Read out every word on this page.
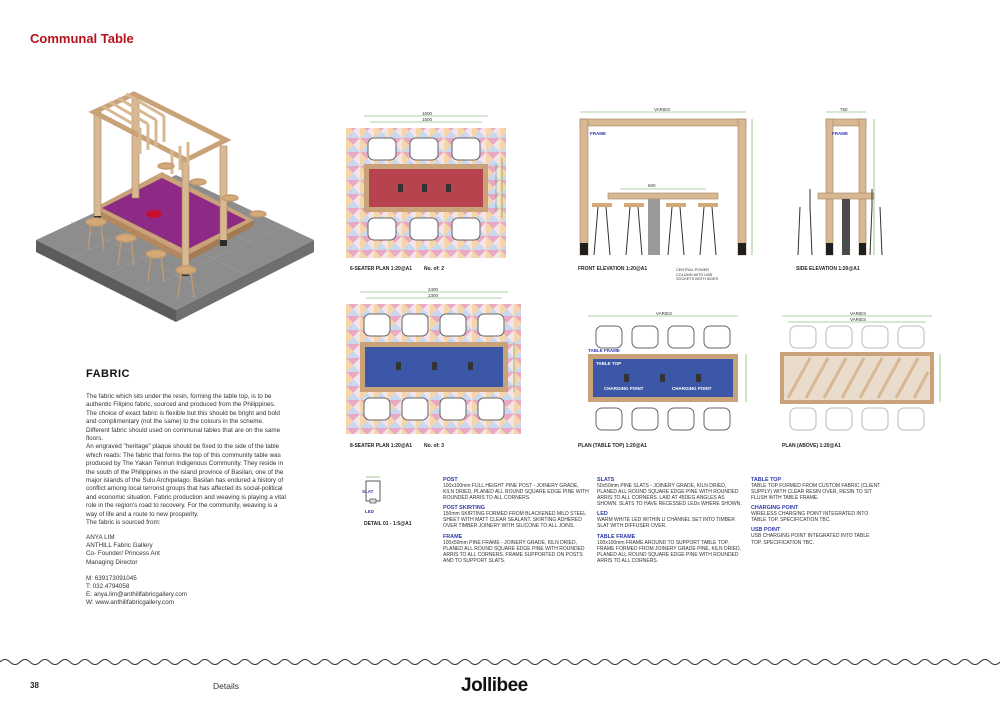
Communal Table
FABRIC

The fabric which sits under the resin, forming the table top, is to be authentic Filipino fabric, sourced and produced from the Philippines. The choice of exact fabric is flexible but this should be bright and bold and complimentary (not the same) to the colours in the scheme. Different fabric should used on communal tables that are on the same floors.

An engraved "heritage" plaque should be fixed to the side of the table which reads: The fabric that forms the top of this community table was produced by The Yakan Tennun Indigenous Community. They reside in the south of the Philippines in the island province of Basilan, one of the major islands of the Sulu Archipelago. Basilan has endured a history of conflict among local terrorist groups that has affected its social-political and economic situation. Fabric production and weaving is playing a vital role in the region's road to recovery. For the community, weaving is a way of life and a route to new prosperity.

The fabric is sourced from:

ANYA LIM
ANTHILL Fabric Gallery
Co- Founder/ Princess Ant
Managing Director
M: 639173091045
T: 032.4794058
E: anya.lim@anthillfabricgallery.com
W: www.anthillfabricgallery.com
1600
1500
6-SEATER PLAN 1:20@A1 No. of: 2
2400
2300
8-SEATER PLAN 1:20@A1 No. of: 3
VARIES
FRAME
600
FRONT ELEVATION 1:20@A1	CENTRAL POWER COLUMN WITH USB SOCKETS BOTH SIDES
750
FRAME
SIDE ELEVATION 1:20@A1
VARIES
TABLE FRAME
TABLE TOP
CHARGING POINT	CHARGING POINT
PLAN (TABLE TOP) 1:20@A1
VARIES
VARIES
PLAN (ABOVE) 1:20@A1
SLAT
LED
DETAIL 01 - 1:5@A1
POST
100x100mm FULL HEIGHT PINE POST - JOINERY GRADE, KILN DRIED, PLANED ALL ROUND SQUARE EDGE PINE WITH ROUNDED ARRIS TO ALL CORNERS.
POST SKIRTING
150mm SKIRTING FORMED FROM BLACKENED MILD STEEL SHEET WITH MATT CLEAR SEALANT. SKIRTING ADHERED OVER TIMBER JOINERY WITH SILICONE TO ALL JOINS.
FRAME
100x50mm PINE FRAME - JOINERY GRADE, KILN DRIED, PLANED ALL ROUND SQUARE EDGE PINE WITH ROUNDED ARRIS TO ALL CORNERS. FRAME SUPPORTED ON POSTS AND TO SUPPORT SLATS.
SLATS
50x50mm PINE SLATS - JOINERY GRADE, KILN DRIED, PLANED ALL ROUND SQUARE EDGE PINE WITH ROUNDED ARRIS TO ALL CORNERS. LAID AT 45DEG ANGLES AS SHOWN. SLATS TO HAVE RECESSED LEDs WHERE SHOWN.
LED
WARM WHITE LED WITHIN U CHANNEL SET INTO TIMBER SLAT WITH DIFFUSER OVER.
TABLE FRAME
100x100mm FRAME AROUND TO SUPPORT TABLE TOP, FRAME FORMED FROM JOINERY GRADE PINE, KILN DRIED, PLANED ALL ROUND SQUARE EDGE PINE WITH ROUNDED ARRIS TO ALL CORNERS.
TABLE TOP
TABLE TOP FORMED FROM CUSTOM FABRIC (CLIENT SUPPLY) WITH CLEAR RESIN OVER, RESIN TO SIT FLUSH WITH TABLE FRAME.
CHARGING POINT
WIRELESS CHARGING POINT INTEGRATED INTO TABLE TOP. SPECIFICATION TBC.
USB POINT
USB CHARGING POINT INTEGRATED INTO TABLE TOP. SPECIFICATION TBC.
38	Details	Jollibee
